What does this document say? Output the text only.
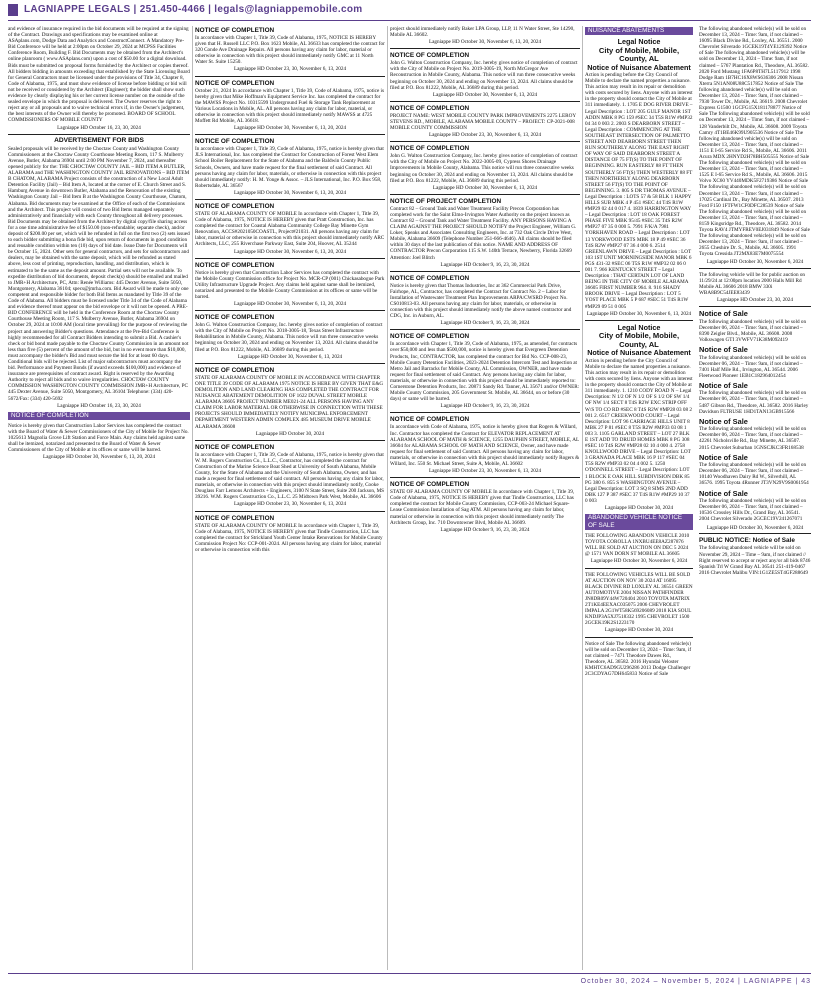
LAGNIAPPE LEGALS | 251.450-4466 | legals@lagniappemobile.com
and evidence of insurance required in the bid documents will be required at the signing of the Contract. Drawings and specifications may be examined online at ASAplans.com, Dodge Data and Analytics and ConstructConnect. A Mandatory Pre-Bid Conference will be held at 2:00pm on October 29, 2024 at MCPSS Facilities Conference Room, Building F. Bid Documents may be obtained from the Architect's online planroom ( www.ASAplans.com) upon a cost of $50.00 for a digital download. Bids must be submitted on proposal forms furnished by the Architect or copies thereof. All bidders bidding in amounts exceeding that established by the State Licensing Board for General Contractors must be licensed under the provisions of Title 34, Chapter 8, Code of Alabama, 1975, and must show evidence of license before bidding or bid will not be received or considered by the Architect (Engineer); the bidder shall show such evidence by clearly displaying his or her current license number on the outside of the sealed envelope in which the proposal is delivered. The Owner reserves the right to reject any or all proposals and to waive technical errors if, in the Owner's judgement, the best interests of the Owner will thereby be promoted. BOARD OF SCHOOL COMMISSIONERS OF MOBILE COUNTY
Lagniappe HD October 16, 23, 30, 2024
ADVERTISEMENT FOR BIDS
Sealed proposals will be received by the Choctaw County and Washington County Commissioners at the Choctaw County Courthouse Meeting Room, 117 S. Mulberry Avenue, Butler, Alabama 36904 until 2:00 PM November 7, 2024, and thereafter opened publicly for the: THE CHOCTAW COUNTY JAIL – BID ITEM A BUTLER, ALABAMA and THE WASHINGTON COUNTY JAIL RENOVATIONS – BID ITEM B CHATOM, ALABAMA Project consists of the construction of a New Local Adult Detention Facility (Jail) – Bid Item A, located at the corner of E. Church Street and S. Hamburg Avenue in downtown Butler, Alabama and the Renovation of the existing Washington County Jail – Bid Item B at the Washington County Courthouse, Chatom, Alabama. Bid documents may be examined at the Office of each of the Commissions and the Architect. This project will consist of two Bid Items managed separately administratively and financially with each County throughout all delivery processes. Bid Documents may be obtained from the Architect by digital copy/file sharing access for a one time administrative fee of $150.00 (non-refundable; separate check), and/or deposit of $200.00 per set, which will be refunded in full on the first two (2) sets issued to each bidder submitting a bona fide bid, upon return of documents in good condition and reusable condition within ten (10) days of bid date. Issue Date for Documents will be October 15, 2024. Other sets for general contractors, and sets for subcontractors and dealers, may be obtained with the same deposit, which will be refunded as stated above, less cost of printing, reproduction, handling, and distribution, which is estimated to be the same as the deposit amount. Partial sets will not be available. To expedite distribution of bid documents, deposit check(s) should be emailed and mailed to JMR+H Architecture, PC, Attn: Renée Williams: 445 Dexter Avenue, Suite 5050, Montgomery, Alabama 36104; specs@jmrha.com. Bid Award will be made to only one competent and responsible bidder for both Bid Items as mandated by Title 39 of the Code of Alabama. All bidders must be licensed under Title 34 of the Code of Alabama and evidence thereof must appear on the bid envelope or it will not be opened. A PRE-BID CONFERENCE will be held in the Conference Room at the Choctaw County Courthouse Meeting Room, 117 S. Mulberry Avenue, Butler, Alabama 36904 on October 29, 2024 at 10:00 AM (local time prevailing) for the purpose of reviewing the project and answering Bidder's questions. Attendance at the Pre-Bid Conference is highly recommended for all Contract Bidders intending to submit a Bid. A cashier's check or bid bond made payable to the Choctaw County Commission in an amount not less than five (5) percent of the amount of the bid, but in no event more than $10,000, must accompany the bidder's Bid and must secure the bid for at least 60 days. Conditional bids will be rejected. List of major subcontractors must accompany the bid. Performance and Payment Bonds (if award exceeds $100,000) and evidence of insurance are prerequisites of contract award. Right is reserved by the Awarding Authority to reject all bids and to waive irregularities. CHOCTAW COUNTY COMMISSION WASHINGTON COUNTY COMMISSION JMR+H Architecture, PC 445 Dexter Avenue, Suite 5050, Montgomery, AL 36104 Telephone: (334) 420-5672/Fax: (334) 420-5692
Lagniappe HD October 16, 23, 30, 2024
NOTICE OF COMPLETION
Notice is hereby given that Construction Labor Services has completed the contract with the Board of Water & Sewer Commissioners of the City of Mobile for Project No. 1025613 Magnolia Grove Lift Station and Force Main. Any claims held against same shall be itemized, notarized and presented to the Board of Water & Sewer Commissioners of the City of Mobile at its offices or same will be barred.
Lagniappe HD October 30, November 6, 13, 20, 2024
NOTICE OF COMPLETION
In accordance with Chapter 1, Title 39, Code of Alabama, 1975, NOTICE IS HEREBY given that H. Russell LLC P.O. Box 1623 Mobile, AL 36633 has completed the contract for 320 Conde Ave Drainage Repairs. All persons having any claim for labor, material or otherwise in connection with this project should immediately notify GMC at 11 North Water St. Suite 15250.
Lagniappe HD October 23, 30, November 6, 13, 2024
NOTICE OF COMPLETION
October 21, 2024 In accordance with Chapter 1, Title 39, Code of Alabama, 1975, notice is hereby given that Mike Hoffman's Equipment Service Inc. has completed the contract for the MAWSS Project No. 10315599 Underground Fuel & Storage Tank Replacement at Various Locations in Mobile, AL. All persons having any claim for labor, material, or otherwise in connection with this project should immediately notify MAWSS at 4725 Moffett Rd Mobile, AL 36618.
Lagniappe HD October 30, November 6, 13, 20, 2024
NOTICE OF COMPLETION
In accordance with Chapter 1, Title 39, Code of Alabama, 1975, notice is hereby given that JLS International, Inc. has completed the Contract for Construction of Forest West Elem School Boiler Replacement for the State of Alabama and the Baldwin County Public Schools, Owners, and have made request for the final settlement of said Contract. All persons having any claim for labor, materials, or otherwise in connection with this project should immediately notify: H. M. Yonge & Assoc. – JLS International, Inc. P.O. Box 958, Robertsdale, AL 36567
Lagniappe HD October 30, November 6, 13, 20, 2024
NOTICE OF COMPLETION
STATE OF ALABAMA COUNTY OF MOBILE In accordance with Chapter 1, Title 39, Code of Alabama, 1975, NOTICE IS HEREBY given that Pratt Construction, Inc. has completed the contract for Coastal Alabama Community College Bay Minette Gym Renovation, ACCS#2021050COASTL, Project#21031. All persons having any claim for labor, material or otherwise in connection with this project should immediately notify ARC Architects, LLC, 255 Riverchase Parkway East, Suite 204, Hoover, AL 35244
Lagniappe HD October 30, November 6, 13, 20, 2024
NOTICE OF COMPLETION
Notice is hereby given that Construction Labor Services has completed the contract with the Mobile County Commission office for Project No. MCR-CP (001) Chickasabogue Park Utility Infrastructure Upgrade Project. Any claims held against same shall be itemized, notarized and presented to the Mobile County Commission at its offices or same will be barred.
Lagniappe HD October 30, November 6, 13, 20, 2024
NOTICE OF COMPLETION
John G. Walton Construction Company, Inc. hereby gives notice of completion of contract with the City of Mobile on Project No. 2018-3005-18, Texas Street Infrastructure Rehabilitation in Mobile County, Alabama. This notice will run three consecutive weeks beginning on October 30, 2024 and ending on November 13, 2024. All claims should be filed at P.O. Box 81222, Mobile, AL 36689 during this period.
Lagniappe HD October 30, November 6, 13, 2024
NOTICE OF COMPLETION
STATE OF ALABAMA COUNTY OF MOBILE IN ACCORDANCE WITH CHAPTER ONE TITLE 39 CODE OF ALABAMA 1975 NOTICE IS HERE BY GIVEN THAT E&G DEMOLITION AND LAND CLEARING HAS COMPLETED THE CONTRACT FOR NUISANCE ABATEMENT DEMOLITION OF 1622 DUVAL STREET MOBILE ALABAMA 36605 PROJECT NUMBER ME021-24 ALL PERSONS HAVING ANY CLAIM FOR LABOR MATERIAL OR OTHERWISE IN CONNECTION WITH THESE PROJECTS SHOULD IMMEDIATELY NOTIFY MUNICIPAL ENFORCEMENT DEPARTMENT WESTERN ADMIN COMPLEX 485 MUSEUM DRIVE MOBILE ALABAMA 36608
Lagniappe HD October 30, 2024
NOTICE OF COMPLETION
In accordance with Chapter 1, Title 39, Code of Alabama, 1975, notice is hereby given that W. M. Rogers Construction Co., L.L.C., Contractor, has completed the contract for Construction of the Marine Science Boat Shed at University of South Alabama, Mobile County, for the State of Alabama and the University of South Alabama, Owner, and has made a request for final settlement of said contract. All persons having any claim for labor, materials, or otherwise in connection with this project should immediately notify, Cooke Douglass Farr Lemons Architects + Engineers, 3100 N State Street, Suite 200 Jackson, MS 39216. W.M. Rogers Construction Co., L.L.C. 25 Midtown Park West, Mobile, AL 36606
Lagniappe HD October 23, 30, November 6, 13, 2024
NOTICE OF COMPLETION
STATE OF ALABAMA COUNTY OF MOBILE In accordance with Chapter 1, Title 39, Code of Alabama, 1975, NOTICE IS HEREBY given that Tindle Construction, LLC has completed the contract for Strickland Youth Center Intake Renovations for Mobile County Commission Project No: CCP-001-2024. All persons having any claim for labor, material or otherwise in connection with this
project should immediately notify Baker LPA Group, LLP, 11 N Water Street, Ste 14290, Mobile AL 36602.
Lagniappe HD October 30, November 6, 13, 20, 2024
NOTICE OF COMPLETION
John G. Walton Construction Company, Inc. hereby gives notice of completion of contract with the City of Mobile on Project No. 2019-3005-19, North McGregor Ave Reconstruction in Mobile County, Alabama. This notice will run three consecutive weeks beginning on October 30, 2024 and ending on November 13, 2024. All claims should be filed at P.O. Box 81222, Mobile, AL 36689 during this period.
Lagniappe HD October 30, November 6, 13, 2024
NOTICE OF COMPLETION
PROJECT NAME: WEST MOBILE COUNTY PARK IMPROVEMENTS 2275 LEROY STEVENS RD., MOBILE, ALABAMA MOBILE COUNTY – PROJECT: CP-2021-008 MOBILE COUNTY COMMISSION
Lagniappe HD October 23, 30, November 6, 13, 2024
NOTICE OF COMPLETION
John G. Walton Construction Company, Inc. hereby gives notice of completion of contract with the City of Mobile on Project No. 2022-3005-09, Cypress Shores Drainage Improvements in Mobile County, Alabama. This notice will run three consecutive weeks beginning on October 30, 2024 and ending on November 13, 2024. All claims should be filed at P.O. Box 81222, Mobile, AL 36689 during this period.
Lagniappe HD October 30, November 6, 13, 2024
NOTICE OF PROJECT COMPLETION
Contract 82 – Ground Tank and Water Treatment Facility Precon Corporation has completed work for the Saint Elmo-Irvington Water Authority on the project known as Contract 82 – Ground Tank and Water Treatment Facility. ANY PERSONS HAVING A CLAIM AGAINST THE PROJECT SHOULD NOTIFY the Project Engineer, William G. Loker, Speaks and Associates Consulting Engineers, Inc. at 732 Oak Circle Drive West, Mobile, Alabama 36609 (Telephone Number 251-666-4646). All claims should be filed within 30 days of the last publication of this notice. NAME AND ADDRESS OF CONTRACTOR Precon Corporation 115 S.W. 140th Terrace, Newberry, Florida 32669 Attention: Joel Blitch
Lagniappe HD October 9, 16, 23, 30, 2024
NOTICE OF COMPLETION
Notice is hereby given that Thomas Industries, Inc at 362 Commercial Park Drive, Fairhope, AL, Contractor, has completed the Contract for Contract No. 2 – Labor for Installation of Wastewater Treatment Plan Improvements ARPA/CWSRD Project No. CS010813-03. All persons having any claim for labor, materials, or otherwise in connection with this project should immediately notify the above named contractor and CDG, Inc. in Auburn, AL.
Lagniappe HD October 9, 16, 23, 30, 2024
NOTICE OF COMPLETION
In accordance with Chapter 1, Title 39, Code of Alabama, 1975, as amended, for contracts over $50,000 and less than $500,000, notice is hereby given that Evergreen Detention Products, Inc, CONTRACTOR, has completed the contract for Bid No. CCP-008-23, Mobile County Detention Facilities, 2023-2024 Detention Intercom Test and Inspection at Metro Jail and Barracks for Mobile County, AL Commission, OWNER, and have made request for final settlement of said Contract. Any persons having any claim for labor, materials, or otherwise in connection with this project should be immediately reported to: Cornerstone Detention Products, Inc. 20871 Sandy Rd. Tanner, AL 35671 and/or OWNER: Mobile County Commission, 205 Government St. Mobile, AL 36644, on or before (30 days) or same will be barred.
Lagniappe HD October 9, 16, 23, 30, 2024
NOTICE OF COMPLETION
In accordance with Code of Alabama, 1975, notice is hereby given that Rogers & Willard, Inc. Contractor has completed the Contract for ELEVATOR REPLACEMENT AT ALABAMA SCHOOL OF MATH & SCIENCE, 1255 DAUPHIN STREET, MOBILE, AL 36604 for ALABAMA SCHOOL OF MATH AND SCIENCE, Owner, and have made request for final settlement of said Contract. All persons having any claim for labor, materials, or otherwise in connection with this project should immediately notify Rogers & Willard, Inc. 550 St. Michael Street, Suite A, Mobile, AL 36602
Lagniappe HD October 23, 30, November 6, 13, 2024
NOTICE OF COMPLETION
STATE OF ALABAMA COUNTY OF MOBILE In accordance with Chapter 1, Title 39, Code of Alabama, 1975, NOTICE IS HEREBY given that Tindle Construction, LLC has completed the contract for Mobile County Commission, CCP-003-24 Michael Square-Lease Commission Installation of Sag ATM. All persons having any claim for labor, material or otherwise in connection with this project should immediately notify The Architects Group, Inc. 710 Downtowner Blvd, Mobile AL 36609.
Lagniappe HD October 9, 16, 23, 30, 2024
NUISANCE ABATEMENTS
Legal Notice
City of Mobile, Mobile, County, AL
Notice of Nuisance Abatement
Action is pending before the City Council of Mobile to declare the named properties a nuisance. This action may result in its repair or demolition with costs secured by liens. Anyone with an interest in the property should contact the City of Mobile at 311 immediately. 1. 1705 E DOG RIVER DRIVE – Legal Description : LOT 205 GULF MANOR 1ST ADDN MBK 8 PG 159 #SEC 34 T5S R1W #MP32 04 34 0 003 2. 2003 S DEARBORN STREET – Legal Description : COMMENCING AT THE SOUTHEAST INTERSECTION OF PALMETTO STREET AND DEARBORN STREET THEN RUN SOUTHERLY ALONG THE EAST RIGHT OF WAY OF SAID DEARBORN STREET A DISTANCE OF 75 FT(S) TO THE POINT OF BEGINNING. RUN EASTERLY 88 FT THEN SOUTHERLY 56 FT(S) THEN WESTERLY 88 FT THEN NORTHERLY ALONG DEARBORN STREET 56 FT(S) TO THE POINT OF BEGINNING. 3. 805 S DR THOMAS AVENUE – Legal Description : LOTS 57 & 58 BLK 1 HAPPY HILLS SUB MBK 4 P 451 #SEC 44 T4S R1W #MP29 02 44 0 017 4. 1839 HARRINGTON WAY – Legal Description : LOT 18 OAK FOREST PHASE FIVE MBK 95/45 #SEC 35 T4S R2W #MP27 07 35 0 000 5. 7991 F/K/A 7981 YORKHAVEN ROAD – Legal Description : LOT 13 YORKWOOD ESTS MBK 18 P 49 #SEC 36 T4S R2W #MP27 07 36 4 000 6. 2514 GREENLAWN DRIVE – Legal Description : LOT 103 1ST UNIT MORNINGSIDE MANOR MBK 6 PGS 431-32 #SEC 06 T5S R1W #MP32 02 06 0 001 7. 966 KENTUCKY STREET – Legal Description : THAT CERTAIN LOT OF LAND BEING IN THE CITY OF MOBILE ALABAMA 36605 FIRST NUMBER 964. 8. 916 SHADY BROOK DRIVE – Legal Description : LOT 5 YOST PLACE MBK 5 P 687 #SEC 51 T4S R1W #MP29 09 51 0 005
Lagniappe HD October 30, November 6, 13, 2024
Legal Notice
City of Mobile, Mobile, County, AL
Notice of Nuisance Abatement
Action is pending before the City Council of Mobile to declare the named properties a nuisance. This action may result in its repair or demolition with costs secured by liens. Anyone with an interest in the property should contact the City of Mobile at 311 immediately. 1. 1210 CODY ROAD N – Legal Description: N 1/2 OF N 1/2 OF S 1/2 OF SW 1/4 OF NW 1/4 SECT 8 T4S R2W EXC STRIP OFF W/S TO CO RD #SEC 8 T4S R2W #MP28 03 08 2 001 2. 6517 CREEKWOOD COURT – Legal Description: LOT 96 CARRIAGE HILLS UNIT 8 MBK 27 P 81 #SEC 8 T5S R2W #MP33 03 08 1 003 3. 1105 GARLAND STREET – LOT 27 BLK E 1ST ADD TO DRUID HOMES MBK 8 PG 308 #SEC 10 T4S R2W #MP28 02 10 4 000 4. 2758 KNOLLWOOD DRIVE – Legal Description: LOT 3 GRANADA PLACE MBK 16 P 117 #SEC 04 T5S R2W #MP33 02 04 4 002 5. 1250 O'DONNELL STREET – Legal Description: LOT 1 BLOCK E OAK HILL SUBDIVISION DBK 85 PG 380 6. 855 S WASHINGTON AVENUE – Legal Description: LOT 3 SQ 8 SIMS 2ND ADD DBK 127 P 387 #SEC 37 T4S R1W #MP29 10 37 0 003
Lagniappe HD October 30, 2024
ABANDONED VEHICLE NOTICE OF SALE
THE FOLLOWING ABANDON VEHICLE 2010 TOYOTA COROLLA 1NXBU4EE8AZ287876 WILL BE SOLD AT AUCTION ON DEC 5 2024 @ 1571 VAN DORN ST MOBILE AL 36605
Lagniappe HD October 30, November 6, 2024
THE FOLLOWING VEHICLES WILL BE SOLD AT AUCTION ON NOV 30 2024 AT 16095 BLACK DIVINE RD LOXLEY AL 36551 GREEN AUTOMOTIVE 2004 NISSAN PATHFINDER JN8DR09Y44W720404 2010 TOYOTA MATRIX 2T1KE4EEXAC035075 2006 CHEVROLET IMPALA 2G1WT58K569206089 2018 KIA SOUL KNDJP3A5XJ7518332 1995 CHEVROLET 1500 2GCEK19K2S1223170
Lagniappe HD October 30, 2024
Notice of Sale The following abandoned vehicle(s) will be sold on December 13, 2024 – Time: 9am, if not claimed – 7471 Theodore Dawes Rd., Theodore, AL 36582. 2016 Hyundai Veloster KMHTC6AD9GU296286 2013 Dodge Challenger 2C3CDYAG7DH645833 Notice of Sale
The following abandoned vehicle(s) will be sold on December 13, 2024 – Time: 9am, if not claimed – 16095 Black Divine Rd., Loxley, AL 36551. 2000 Chevrolet Silverado 1GCEK19T4YE129392 Notice of Sale The following abandoned vehicle(s) will be sold on December 13, 2024 – Time: 9am, if not claimed – 5767 Plantation Rd., Theodore, AL 36582. 2020 Ford Mustang 1FA6P8TH7L5117912 1998 Dodge Ram 1B7HC16X8WS636306 2008 Nissan Xterra 5N1AN08U88C517852 Notice of Sale The following abandoned vehicle(s) will be sold on December 13, 2024 – Time: 9am, if not claimed – 7930 Tower Dr., Mobile, AL 36619. 2008 Chevrolet Express G1500 1GCFG15X181178877 Notice of Sale The following abandoned vehicle(s) will be sold on December 13, 2024 – Time: 9am, if not claimed – 128 Vanderbilt Dr., Mobile, AL 36608. 2009 Toyota Camry 4T1BE46K99U905536 Notice of Sale The following abandoned vehicle(s) will be sold on December 13, 2024 – Time: 9am, if not claimed – 1151 E I-65 Service Rd S., Mobile, AL 36606. 2011 Acura MDX 2HNYD2H78BH505555 Notice of Sale The following abandoned vehicle(s) will be sold on December 13, 2024 – Time: 9am, if not claimed – 1525 E I-65 Service Rd S., Mobile, AL 36606. 2015 Volvo XC60 YV440MDK5F2719386 Notice of Sale The following abandoned vehicle(s) will be sold on December 13, 2024 – Time: 9am, if not claimed – 17025 Cardinal Dr., Bay Minette, AL 36507. 2013 Ford F150 1FTFW1CF0DFC28539 Notice of Sale The following abandoned vehicle(s) will be sold on December 13, 2024 – Time: 9am, if not claimed – 8159 Kingsridge Rd., Theodore, AL 36582. 2014 Toyota RAV4 JTMYFREV0EJ031849 Notice of Sale The following abandoned vehicle(s) will be sold on December 13, 2024 – Time: 9am, if not claimed – 2655 Cheshire Dr. S., Mobile, AL 36605. 1991 Toyota Cressida JT2MX83E7M0075554
Lagniappe HD October 30, November 6, 2024
The following vehicle will be for public auction on 11/29/24 at 12:00pm location 2000 Halls Mill Rd Mobile AL 36606 2018 BMW 330i WBA8B9C54JEE83439
Lagniappe HD October 23, 30, 2024
Notice of Sale
The following abandoned vehicle(s) will be sold on December 06, 2024 – Time: 9am, if not claimed – 8390 Zeigler Blvd., Mobile, AL 36608. 2008 Volkswagen GTI 3VWFV71K38M092419
Notice of Sale
The following abandoned vehicle(s) will be sold on December 06, 2024 – Time: 9am, if not claimed – 7401 Half Mile Rd., Irvington, AL 36544. 2006 Fleetwood Pioneer 1EB1C182964012454
Notice of Sale
The following abandoned vehicle(s) will be sold on December 06, 2024 – Time: 9am, if not claimed – 5487 Gibson Rd., Theodore, AL 36582. 2016 Harley Davidson FLTRUSE 1HD1TAN13GB915566
Notice of Sale
The following abandoned vehicle(s) will be sold on December 06, 2024 – Time: 9am, if not claimed – 42261 Nicholsville Rd., Bay Minette, AL 36507. 2015 Chevrolet Suburban 1GNSCJKC3FR168538
Notice of Sale
The following abandoned vehicle(s) will be sold on December 06, 2024 – Time: 9am, if not claimed – 10140 Woodhaven Dairy Rd W., Silverhill, AL 36576. 1995 Toyota 4Runner JT3VN29V9S0061954
Notice of Sale
The following abandoned vehicle(s) will be sold on December 06, 2024 – Time: 9am, if not claimed – 10536 Crossley Hills Dr., Grand Bay, AL 36541. 2004 Chevrolet Silverado 2GCEC19V241267071
Lagniappe HD October 30, November 6, 2024
PUBLIC NOTICE: Notice of Sale
The following abandoned vehicle will be sold on November 29, 2024 – Time – 9am, if not claimed // Right reserved to accept or reject any/or all bids 8746 Spanish Trl W Grand Bay AL 36541 251-419-0467 2016 Chevrolet Malibu VIN:1G1ZE5ST4GF288649
October 30, 2024 – November 5, 2024 | LAGNIAPPE | 43
